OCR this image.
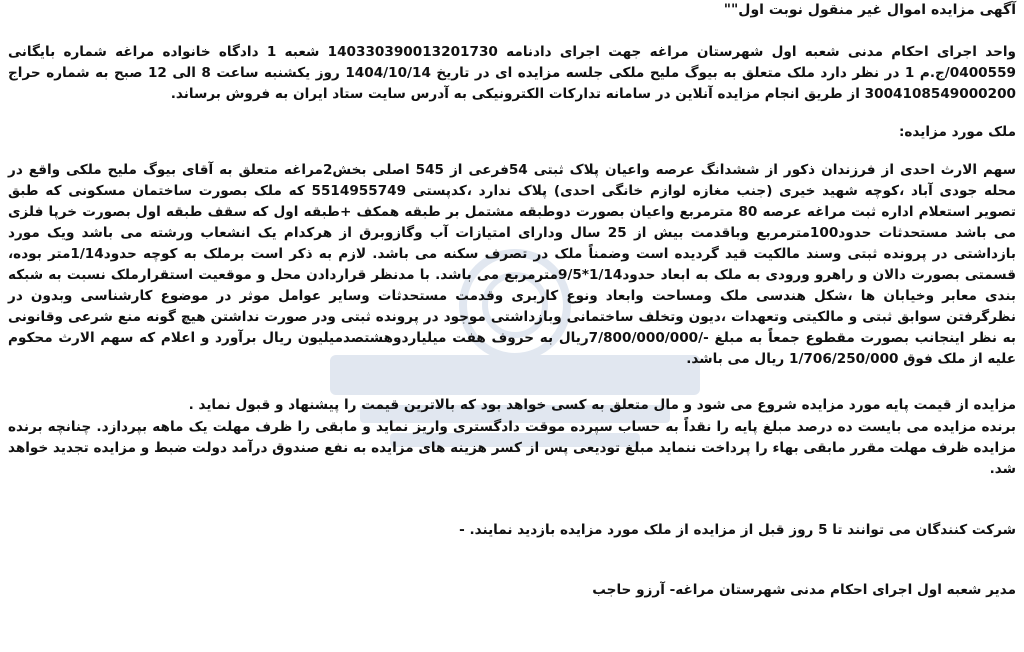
آگهی مزایده اموال غیر منقول نوبت اول""
واحد اجرای احکام مدنی شعبه اول شهرستان مراغه جهت اجرای دادنامه 140330390013201730 شعبه 1 دادگاه خانواده مراغه شماره بایگانی 0400559/ج.م 1 در نظر دارد ملک متعلق به بیوگ ملیح ملکی جلسه مزایده ای در تاریخ 1404/10/14 روز یکشنبه ساعت 8 الی 12 صبح به شماره حراج 3004108549000200 از طریق انجام مزایده آنلاین در سامانه تدارکات الکترونیکی به آدرس سایت ستاد ایران به فروش برساند.
ملک مورد مزایده:
سهم الارث احدی از فرزندان ذکور از ششدانگ عرصه واعیان پلاک ثبتی 54فرعی از 545 اصلی بخش2مراغه متعلق به آقای بیوگ ملیح ملکی واقع در محله جودی آباد ،کوچه شهید خیری (جنب مغازه لوازم خانگی احدی) پلاک ندارد ،کدپستی 5514955749 که ملک بصورت ساختمان مسکونی که طبق تصویر استعلام اداره ثبت مراغه عرصه 80 مترمربع واعیان بصورت دوطبقه مشتمل بر طبقه همکف +طبقه اول که سقف طبقه اول بصورت خرپا فلزی می باشد مستحدثات حدود100مترمربع وباقدمت بیش از 25 سال ودارای امتیازات آب وگازوبرق از هرکدام یک انشعاب ورشته می باشد ویک مورد بازداشتی در پرونده ثبتی وسند مالکیت قید گردیده است وضمناً ملک در تصرف سکنه می باشد. لازم به ذکر است برملک به کوچه حدود1/14متر بوده، قسمتی بصورت دالان و راهرو ورودی به ملک به ابعاد حدود1/14*9/5مترمربع می باشد. با مدنظر قراردادن محل و موقعیت استقرارملک نسبت به شبکه بندی معابر وخیابان ها ،شکل هندسی ملک ومساحت وابعاد ونوع کاربری وقدمت مستحدثات وسایر عوامل موثر در موضوع کارشناسی وبدون در نظرگرفتن سوابق ثبتی و مالکیتی وتعهدات ،دیون وتخلف ساختمانی وبازداشتی موجود در پرونده ثبتی ودر صورت نداشتن هیچ گونه منع شرعی وقانونی به نظر اینجانب بصورت مقطوع جمعاً به مبلغ -/7/800/000/000ریال به حروف هفت میلیاردوهشتصدمیلیون ریال برآورد و اعلام که سهم الارث محکوم علیه از ملک فوق 1/706/250/000 ریال می باشد.
مزایده از قیمت پایه مورد مزایده شروع می شود و مال متعلق به کسی خواهد بود که بالاترین قیمت را پیشنهاد و قبول نماید .
برنده مزایده می بایست ده درصد مبلغ پایه را نقداً به حساب سپرده موقت دادگستری واریز نماید و مابقی را ظرف مهلت یک ماهه بپردازد. چنانچه برنده مزایده ظرف مهلت مقرر مابقی بهاء را پرداخت ننماید مبلغ تودیعی پس از کسر هزینه های مزایده به نفع صندوق درآمد دولت ضبط و مزایده تجدید خواهد شد.
شرکت کنندگان می توانند تا 5 روز قبل از مزایده از ملک مورد مزایده بازدید نمایند. -
مدیر شعبه اول اجرای احکام مدنی شهرستان مراغه- آرزو حاجب
